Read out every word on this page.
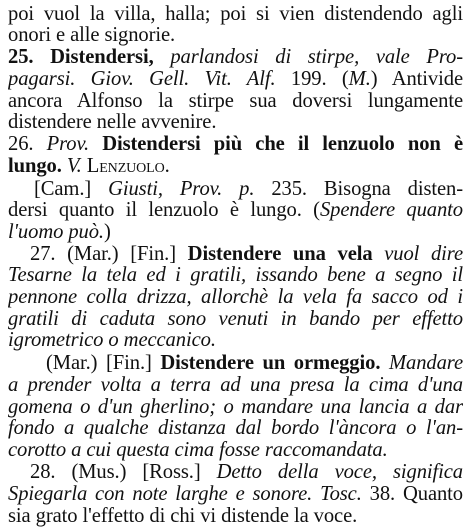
poi vuol la villa, halla; poi si vien distendendo agli
onori e alle signorie.
25. Distendersi, parlandosi di stirpe, vale Pro-
pagarsi. Giov. Gell. Vit. Alf. 199. (M.) Antivide
ancora Alfonso la stirpe sua doversi lungamente
distendere nelle avvenire.
26. Prov. Distendersi più che il lenzuolo non è
lungo. V. Lenzuolo.
[Cam.] Giusti, Prov. p. 235. Bisogna disten-
dersi quanto il lenzuolo è lungo. (Spendere quanto
l'uomo può.)
27. (Mar.) [Fin.] Distendere una vela vuol dire
Tesarne la tela ed i gratili, issando bene a segno il
pennone colla drizza, allorchè la vela fa sacco od i
gratili di caduta sono venuti in bando per effetto
igrometrico o meccanico.
(Mar.) [Fin.] Distendere un ormeggio. Mandare
a prender volta a terra ad una presa la cima d'una
gomena o d'un gherlino; o mandare una lancia a dar
fondo a qualche distanza dal bordo l'àncora o l'an-
corotto a cui questa cima fosse raccomandata.
28. (Mus.) [Ross.] Detto della voce, significa
Spiegarla con note larghe e sonore. Tosc. 38. Quanto
sia grato l'effetto di chi vi distende la voce.
